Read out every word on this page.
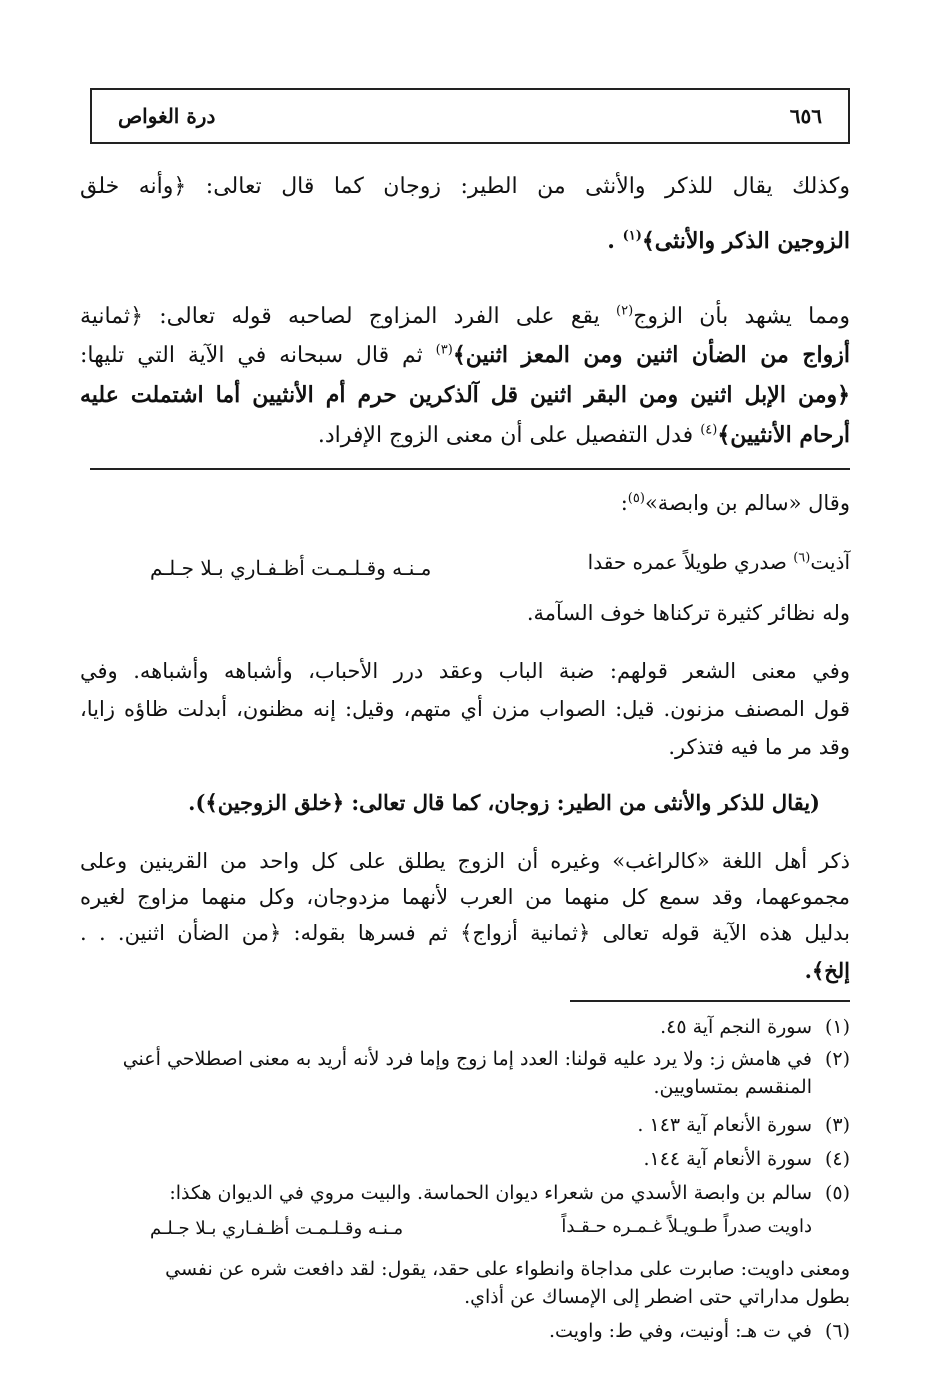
٦٥٦
درة الغواص
وكذلك يقال للذكر والأنثى من الطير: زوجان كما قال تعالى: ﴿وأنه خلق
الزوجين الذكر والأنثى﴾$^{(١)}$ .
ومما يشهد بأن الزوج$^{(٢)}$ يقع على الفرد المزاوج لصاحبه قوله تعالى: ﴿ثمانية
أزواج من الضأن اثنين ومن المعز اثنين﴾$^{(٣)}$ ثم قال سبحانه في الآية التي تليها:
﴿ومن الإبل اثنين ومن البقر اثنين قل آلذكرين حرم أم الأنثيين أما اشتملت عليه
أرحام الأنثيين﴾$^{(٤)}$ فدل التفصيل على أن معنى الزوج الإفراد.
وقال «سالم بن وابصة»$^{(٥)}$:
آذيت$^{(٦)}$ صدري طويلاً عمره حقدا
مـنـه وقـلـمـت أظـفـاري بـلا جـلـم
وله نظائر كثيرة تركناها خوف السآمة.
وفي معنى الشعر قولهم: ضبة الباب وعقد درر الأحباب، وأشباهه وأشباهه. وفي
قول المصنف مزنون. قيل: الصواب مزن أي متهم، وقيل: إنه مظنون، أبدلت ظاؤه زايا،
وقد مر ما فيه فتذكر.
(يقال للذكر والأنثى من الطير: زوجان، كما قال تعالى: ﴿خلق الزوجين﴾).
ذكر أهل اللغة «كالراغب» وغيره أن الزوج يطلق على كل واحد من القرينين وعلى
مجموعهما، وقد سمع كل منهما من العرب لأنهما مزدوجان، وكل منهما مزاوج لغيره
بدليل هذه الآية قوله تعالى ﴿ثمانية أزواج﴾ ثم فسرها بقوله: ﴿من الضأن اثنين. . .
إلخ﴾.
(١)سورة النجم آية ٤٥.
(٢)في هامش ز: ولا يرد عليه قولنا: العدد إما زوج وإما فرد لأنه أريد به معنى اصطلاحي أعني
المنقسم بمتساويين.
(٣)سورة الأنعام آية ١٤٣ .
(٤)سورة الأنعام آية ١٤٤.
(٥)سالم بن وابصة الأسدي من شعراء ديوان الحماسة. والبيت مروي في الديوان هكذا:
داويت صدراً طـويـلاً غـمـره حـقـداً
مـنـه وقـلـمـت أظـفـاري بـلا جـلـم
ومعنى داويت: صابرت على مداجاة وانطواء على حقد، يقول: لقد دافعت شره عن نفسي
بطول مداراتي حتى اضطر إلى الإمساك عن أذاي.
(٦)في ت هـ: أونيت، وفي ط: واويت.
